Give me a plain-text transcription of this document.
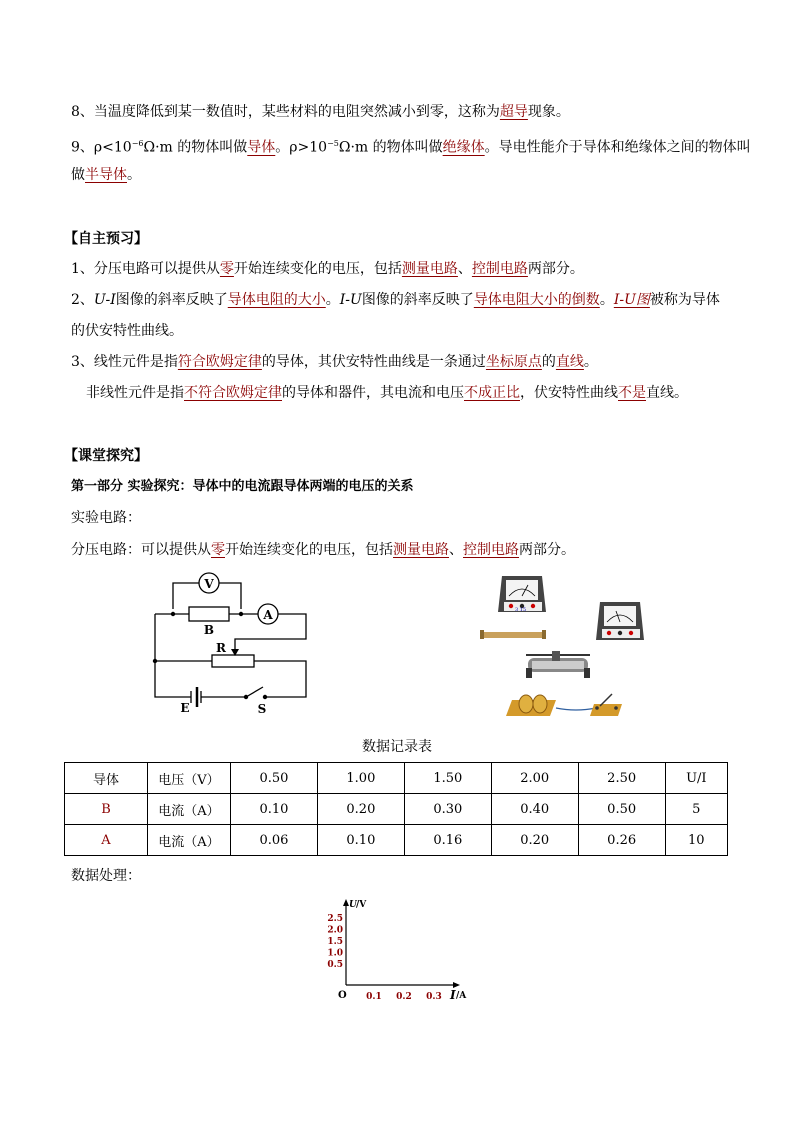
8、当温度降低到某一数值时，某些材料的电阻突然减小到零，这称为超导现象。
9、$\rho<10^{-6}\Omega\cdot m$ 的物体叫做导体。$\rho>10^{-5}\Omega\cdot m$ 的物体叫做绝缘体。导电性能介于导体和绝缘体之间的物体叫
做半导体。
【自主预习】
1、分压电路可以提供从零开始连续变化的电压，包括测量电路、控制电路两部分。
2、U-I图像的斜率反映了导体电阻的大小。I-U图像的斜率反映了导体电阻大小的倒数。I-U图被称为导体
的伏安特性曲线。
3、线性元件是指符合欧姆定律的导体，其伏安特性曲线是一条通过坐标原点的直线。
非线性元件是指不符合欧姆定律的导体和器件，其电流和电压不成正比，伏安特性曲线不是直线。
【课堂探究】
第一部分 实验探究：导体中的电流跟导体两端的电压的关系
实验电路：
分压电路：可以提供从零开始连续变化的电压，包括测量电路、控制电路两部分。
V
A
B
R
E	S
3 15
数据记录表
导体	电压（V）	0.50	1.00	1.50	2.00	2.50	U/I
B	电流（A）	0.10	0.20	0.30	0.40	0.50	5
A	电流（A）	0.06	0.10	0.16	0.20	0.26	10
数据处理：
U /V
O	I /A
2.5
2.0
1.5
1.0
0.5
0.1 0.2 0.3
